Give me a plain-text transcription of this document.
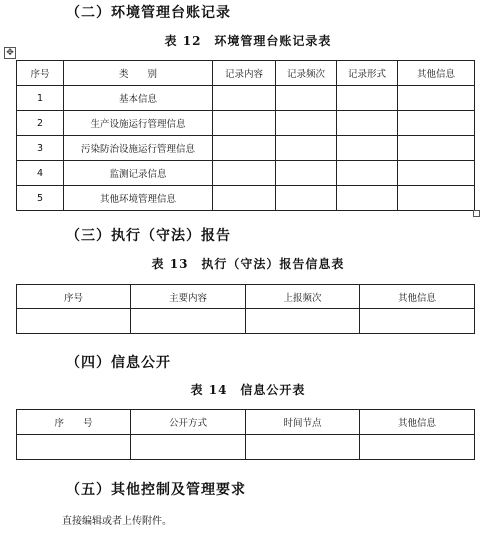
（二）环境管理台账记录
表 12　环境管理台账记录表
✥
序号	类　　别	记录内容	记录频次	记录形式	其他信息
1	基本信息				
2	生产设施运行管理信息				
3	污染防治设施运行管理信息				
4	监测记录信息				
5	其他环境管理信息				
（三）执行（守法）报告
表 13　执行（守法）报告信息表
序号	主要内容	上报频次	其他信息

（四）信息公开
表 14　信息公开表
序　　号	公开方式	时间节点	其他信息

（五）其他控制及管理要求
直接编辑或者上传附件。
